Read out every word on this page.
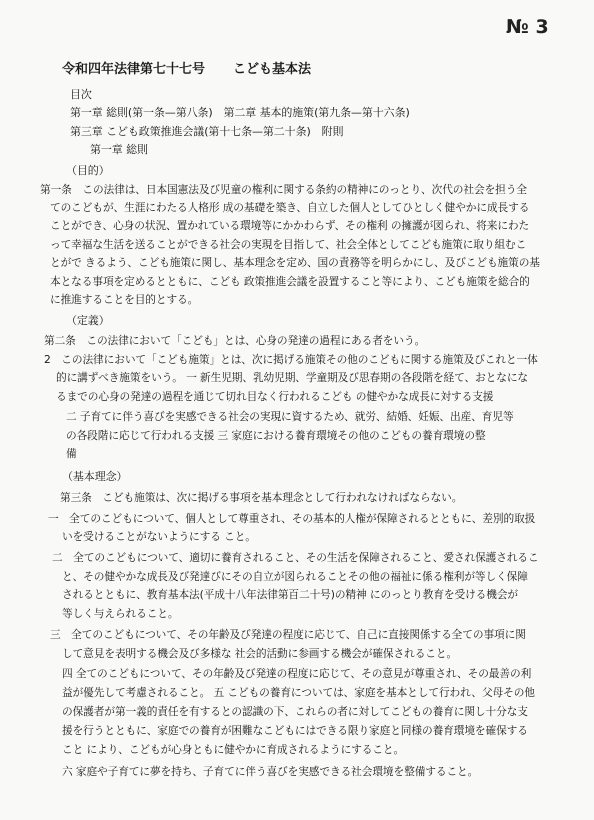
№ 3
令和四年法律第七十七号 こども基本法
目次
第一章 総則(第一条—第八条)　第二章 基本的施策(第九条—第十六条)
第三章 こども政策推進会議(第十七条—第二十条)　附則
第一章 総則
（目的）
第一条　この法律は、日本国憲法及び児童の権利に関する条約の精神にのっとり、次代の社会を担う全
てのこどもが、生涯にわたる人格形 成の基礎を築き、自立した個人としてひとしく健やかに成長する
ことができ、心身の状況、置かれている環境等にかかわらず、その権利 の擁護が図られ、将来にわた
って幸福な生活を送ることができる社会の実現を目指して、社会全体としてこども施策に取り組むこ
とがで きるよう、こども施策に関し、基本理念を定め、国の責務等を明らかにし、及びこども施策の基
本となる事項を定めるとともに、こども 政策推進会議を設置すること等により、こども施策を総合的
に推進することを目的とする。
（定義）
第二条　この法律において「こども」とは、心身の発達の過程にある者をいう。
2　この法律において「こども施策」とは、次に掲げる施策その他のこどもに関する施策及びこれと一体
的に講ずべき施策をいう。 一 新生児期、乳幼児期、学童期及び思春期の各段階を経て、おとなにな
るまでの心身の発達の過程を通じて切れ目なく行われるこども の健やかな成長に対する支援
二 子育てに伴う喜びを実感できる社会の実現に資するため、就労、結婚、妊娠、出産、育児等
の各段階に応じて行われる支援 三 家庭における養育環境その他のこどもの養育環境の整
備
（基本理念）
第三条　こども施策は、次に掲げる事項を基本理念として行われなければならない。
一　全てのこどもについて、個人として尊重され、その基本的人権が保障されるとともに、差別的取扱
いを受けることがないようにする こと。
二　全てのこどもについて、適切に養育されること、その生活を保障されること、愛され保護されるこ
と、その健やかな成長及び発達びにその自立が図られることその他の福祉に係る権利が等しく保障
されるとともに、教育基本法(平成十八年法律第百二十号)の精神 にのっとり教育を受ける機会が
等しく与えられること。
三　全てのこどもについて、その年齢及び発達の程度に応じて、自己に直接関係する全ての事項に関
して意見を表明する機会及び多様な 社会的活動に参画する機会が確保されること。
四 全てのこどもについて、その年齢及び発達の程度に応じて、その意見が尊重され、その最善の利
益が優先して考慮されること。 五 こどもの養育については、家庭を基本として行われ、父母その他
の保護者が第一義的責任を有するとの認識の下、これらの者に対してこどもの養育に関し十分な支
援を行うとともに、家庭での養育が困難なこどもにはできる限り家庭と同様の養育環境を確保する
こと により、こどもが心身ともに健やかに育成されるようにすること。
六 家庭や子育てに夢を持ち、子育てに伴う喜びを実感できる社会環境を整備すること。
